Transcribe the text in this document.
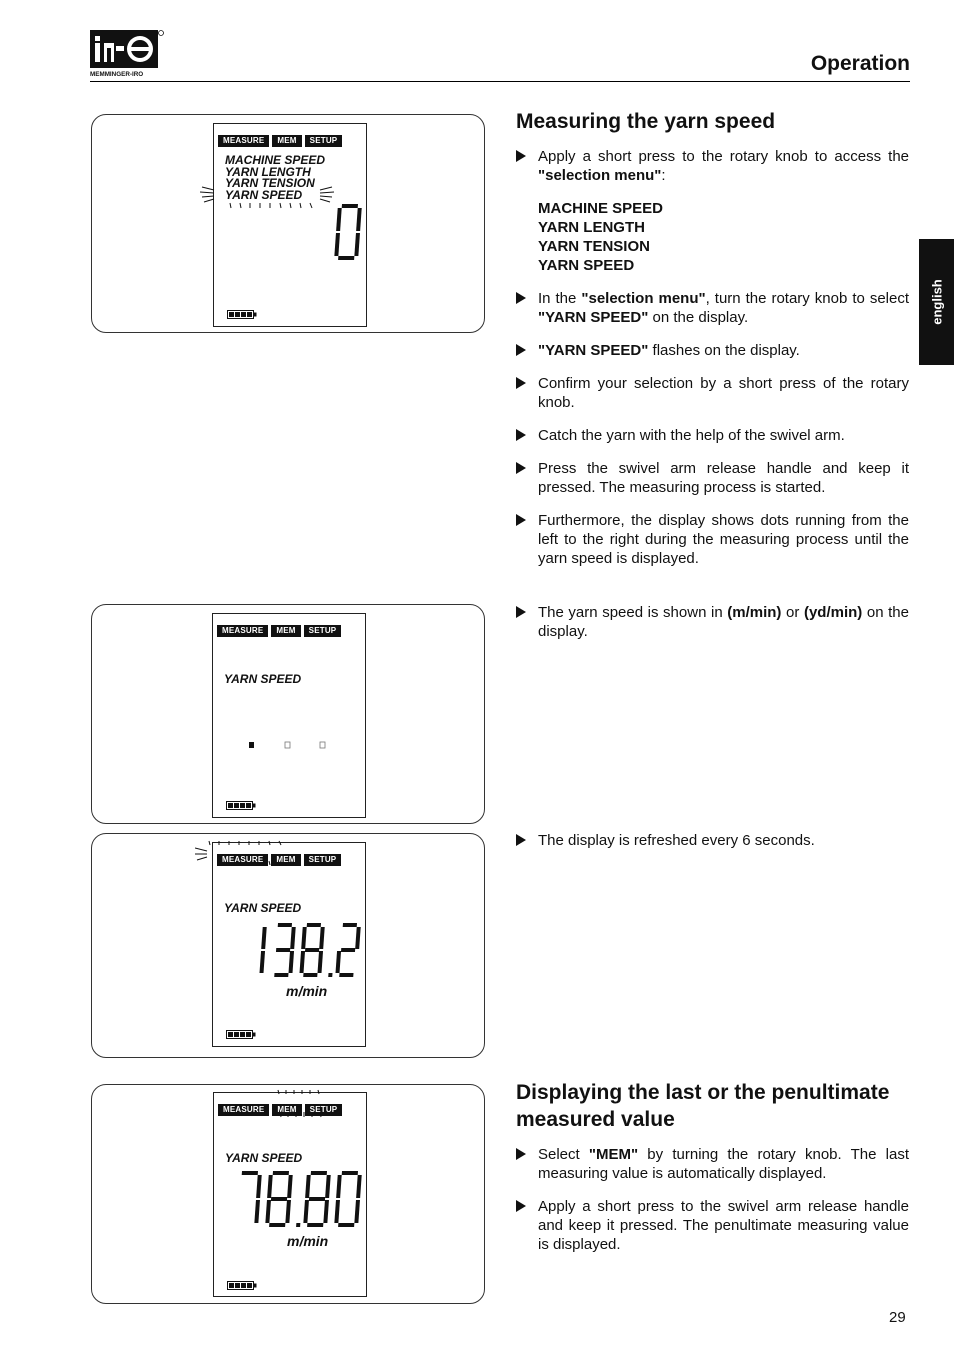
MEMMINGER-IRO	Operation
english
Measuring the yarn speed
Apply a short press to the rotary knob to access the "selection menu":
MACHINE SPEED
YARN LENGTH
YARN TENSION
YARN SPEED
In the "selection menu", turn the rotary knob to select "YARN SPEED" on the display.
"YARN SPEED" flashes on the display.
Confirm your selection by a short press of the rotary knob.
Catch the yarn with the help of the swivel arm.
Press the swivel arm release handle and keep it pressed. The measuring process is started.
Furthermore, the display shows dots running from the left to the right during the measuring process until the yarn speed is displayed.
The yarn speed is shown in (m/min) or (yd/min) on the display.
The display is refreshed every 6 seconds.
Displaying the last or the penultimate measured value
Select "MEM" by turning the rotary knob. The last measuring value is automatically displayed.
Apply a short press to the swivel arm release handle and keep it pressed. The penultimate measuring value is displayed.
29
MEASURE	MEM	SETUP
MACHINE SPEED
YARN LENGTH
YARN TENSION
YARN SPEED
MEASURE	MEM	SETUP
YARN SPEED
MEASURE	MEM	SETUP
YARN SPEED
m/min
MEASURE	MEM	SETUP
YARN SPEED
m/min
